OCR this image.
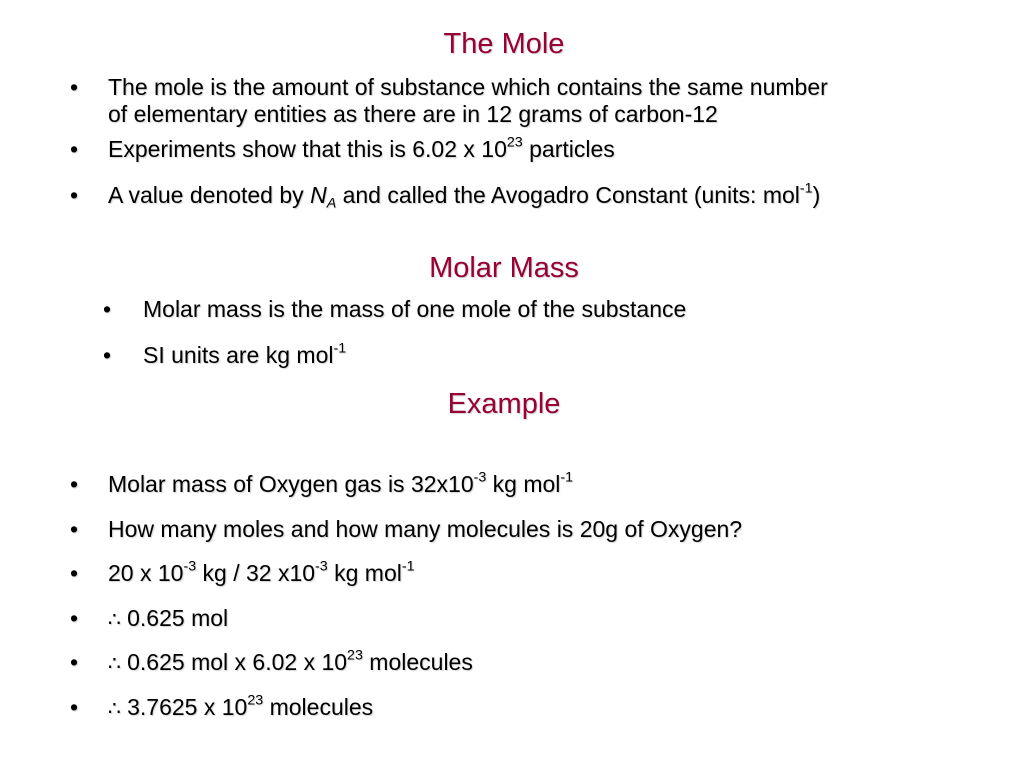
The Mole
• The mole is the amount of substance which contains the same number
of elementary entities as there are in 12 grams of carbon-12
• Experiments show that this is 6.02 x $10^{23}$ particles
• A value denoted by $N_A$ and called the Avogadro Constant (units: mol$^{-1}$)
Molar Mass
• Molar mass is the mass of one mole of the substance
• SI units are kg mol$^{-1}$
Example
• Molar mass of Oxygen gas is $32x10^{-3}$ kg mol$^{-1}$
• How many moles and how many molecules is 20g of Oxygen?
• 20 x $10^{-3}$ kg / 32 $x10^{-3}$ kg mol$^{-1}$
• ∴ 0.625 mol
• ∴ 0.625 mol x 6.02 x $10^{23}$ molecules
• ∴ 3.7625 x $10^{23}$ molecules
